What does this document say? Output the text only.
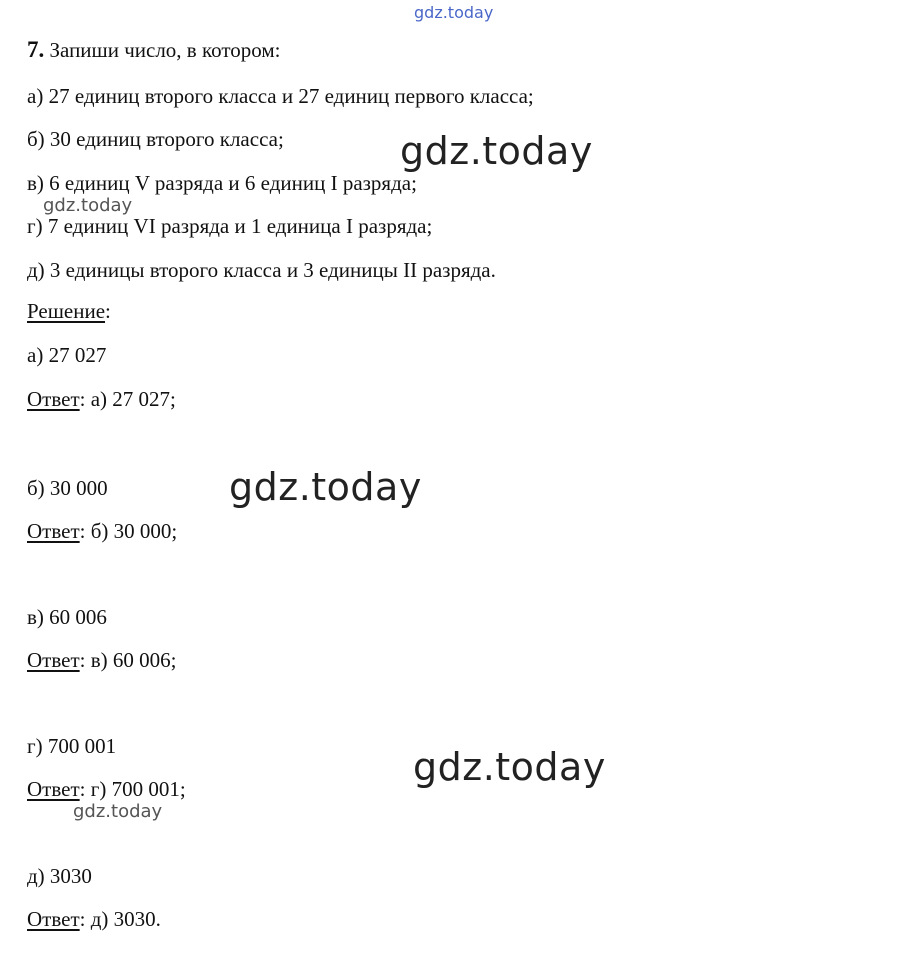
gdz.today
7. Запиши число, в котором:
а) 27 единиц второго класса и 27 единиц первого класса;
б) 30 единиц второго класса;
в) 6 единиц V разряда и 6 единиц I разряда;
г) 7 единиц VI разряда и 1 единица I разряда;
д) 3 единицы второго класса и 3 единицы II разряда.
Решение:
а) 27 027
Ответ: а) 27 027;
б) 30 000
Ответ: б) 30 000;
в) 60 006
Ответ: в) 60 006;
г) 700 001
Ответ: г) 700 001;
д) 3030
Ответ: д) 3030.
gdz.today
gdz.today
gdz.today
gdz.today
gdz.today
